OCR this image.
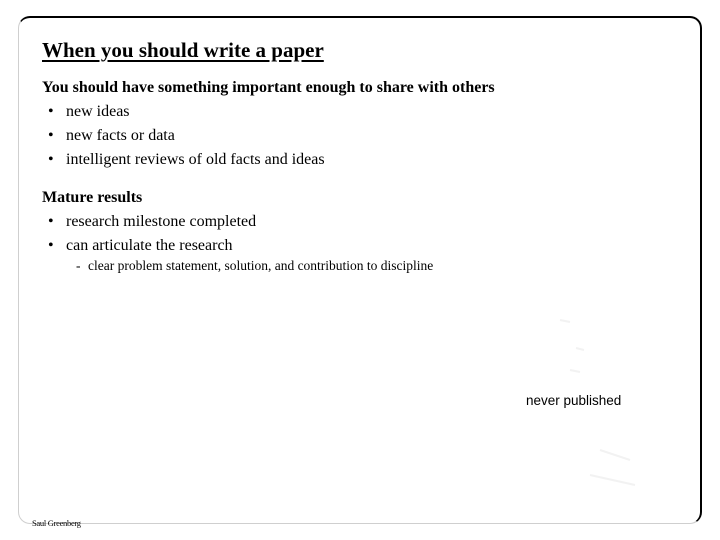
When you should write a paper
You should have something important enough to share with others
• new ideas
• new facts or data
• intelligent reviews of old facts and ideas
Mature results
• research milestone completed
• can articulate the research
- clear problem statement, solution, and contribution to discipline
never published
Saul Greenberg
